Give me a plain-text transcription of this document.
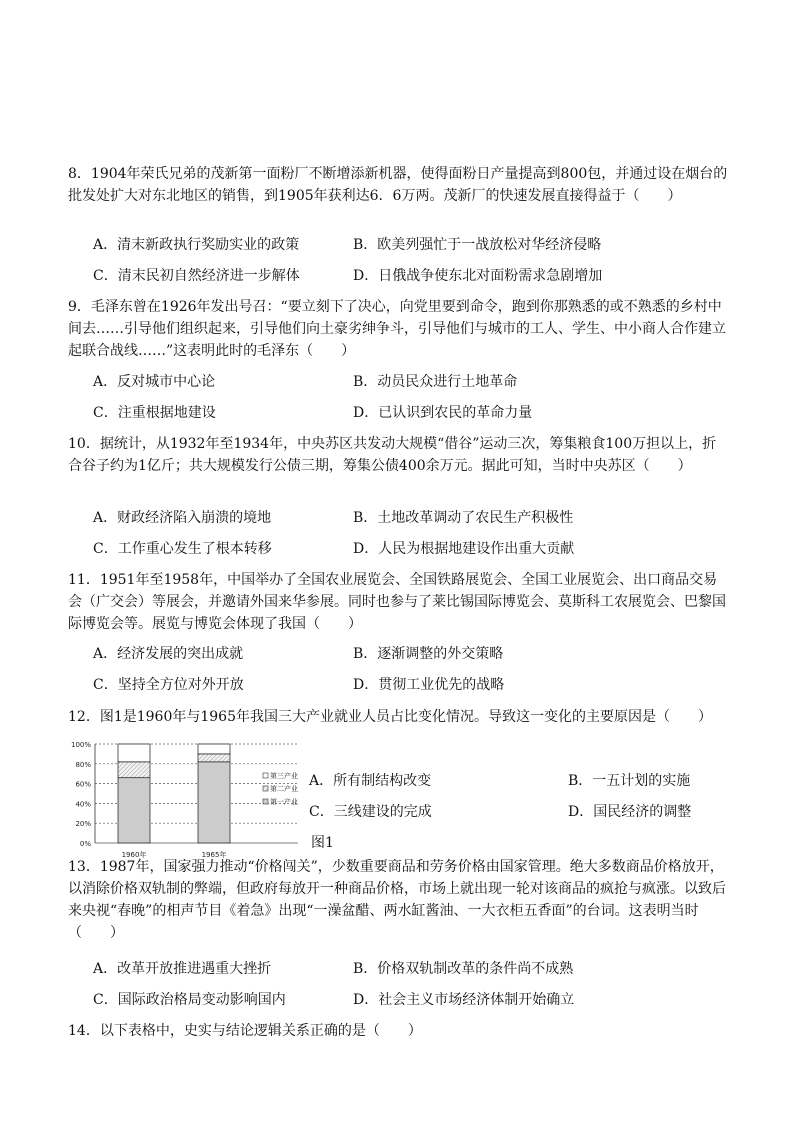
8．1904年荣氏兄弟的茂新第一面粉厂不断增添新机器，使得面粉日产量提高到800包，并通过设在烟台的批发处扩大对东北地区的销售，到1905年获利达6．6万两。茂新厂的快速发展直接得益于（　　）
A．清末新政执行奖励实业的政策	B．欧美列强忙于一战放松对华经济侵略
C．清末民初自然经济进一步解体	D．日俄战争使东北对面粉需求急剧增加
9．毛泽东曾在1926年发出号召：“要立刻下了决心，向党里要到命令，跑到你那熟悉的或不熟悉的乡村中间去……引导他们组织起来，引导他们向土豪劣绅争斗，引导他们与城市的工人、学生、中小商人合作建立起联合战线……”这表明此时的毛泽东（　　）
A．反对城市中心论	B．动员民众进行土地革命
C．注重根据地建设	D．已认识到农民的革命力量
10．据统计，从1932年至1934年，中央苏区共发动大规模“借谷”运动三次，筹集粮食100万担以上，折合谷子约为1亿斤；共大规模发行公债三期，筹集公债400余万元。据此可知，当时中央苏区（　　）
A．财政经济陷入崩溃的境地	B．土地改革调动了农民生产积极性
C．工作重心发生了根本转移	D．人民为根据地建设作出重大贡献
11．1951年至1958年，中国举办了全国农业展览会、全国铁路展览会、全国工业展览会、出口商品交易会（广交会）等展会，并邀请外国来华参展。同时也参与了莱比锡国际博览会、莫斯科工农展览会、巴黎国际博览会等。展览与博览会体现了我国（　　）
A．经济发展的突出成就	B．逐渐调整的外交策略
C．坚持全方位对外开放	D．贯彻工业优先的战略
12．图1是1960年与1965年我国三大产业就业人员占比变化情况。导致这一变化的主要原因是（　　）
0%
20%
40%
60%
80%
100%
1960年	1965年
第三产业
第二产业
第一产业
A．所有制结构改变	B．一五计划的实施
C．三线建设的完成	D．国民经济的调整
图1
13．1987年，国家强力推动“价格闯关”，少数重要商品和劳务价格由国家管理。绝大多数商品价格放开，以消除价格双轨制的弊端，但政府每放开一种商品价格，市场上就出现一轮对该商品的疯抢与疯涨。以致后来央视“春晚”的相声节目《着急》出现“一澡盆醋、两水缸酱油、一大衣柜五香面”的台词。这表明当时（　　）
A．改革开放推进遇重大挫折	B．价格双轨制改革的条件尚不成熟
C．国际政治格局变动影响国内	D．社会主义市场经济体制开始确立
14．以下表格中，史实与结论逻辑关系正确的是（　　）
